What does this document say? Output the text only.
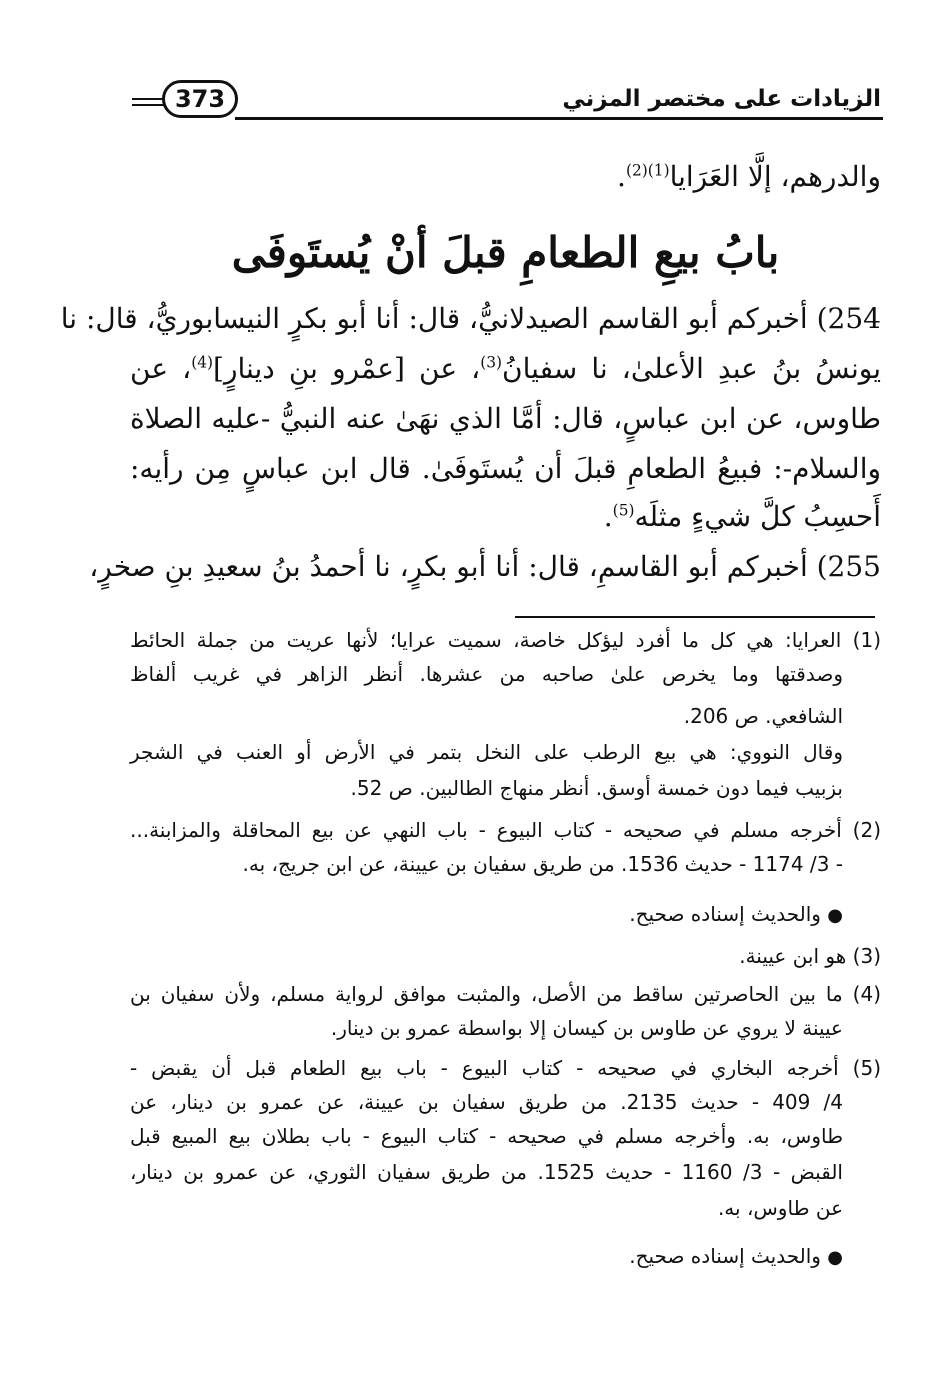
الزيادات على مختصر المزني
373
والدرهم، إلَّا العَرَايا$^{(1)(2)}$.
بابُ بيعِ الطعامِ قبلَ أنْ يُستَوفَى
254) أخبركم أبو القاسم الصيدلانيُّ، قال: أنا أبو بكرٍ النيسابوريُّ، قال: نا
يونسُ بنُ عبدِ الأعلىٰ، نا سفيانُ$^{(3)}$، عن [عمْرو بنِ دينارٍ]$^{(4)}$، عن
طاوس، عن ابن عباسٍ، قال: أمَّا الذي نهَىٰ عنه النبيُّ -عليه الصلاة
والسلام-: فبيعُ الطعامِ قبلَ أن يُستَوفَىٰ. قال ابن عباسٍ مِن رأيه:
أَحسِبُ كلَّ شيءٍ مثلَه$^{(5)}$.
255) أخبركم أبو القاسمِ، قال: أنا أبو بكرٍ، نا أحمدُ بنُ سعيدِ بنِ صخرٍ،
(1) العرايا: هي كل ما أفرد ليؤكل خاصة، سميت عرايا؛ لأنها عريت من جملة الحائط
وصدقتها وما يخرص علىٰ صاحبه من عشرها. أنظر الزاهر في غريب ألفاظ
الشافعي. ص 206.
وقال النووي: هي بيع الرطب على النخل بتمر في الأرض أو العنب في الشجر
بزبيب فيما دون خمسة أوسق. أنظر منهاج الطالبين. ص 52.
(2) أخرجه مسلم في صحيحه - كتاب البيوع - باب النهي عن بيع المحاقلة والمزابنة...
- 3/ 1174 - حديث 1536. من طريق سفيان بن عيينة، عن ابن جريج، به.
● والحديث إسناده صحيح.
(3) هو ابن عيينة.
(4) ما بين الحاصرتين ساقط من الأصل، والمثبت موافق لرواية مسلم، ولأن سفيان بن
عيينة لا يروي عن طاوس بن كيسان إلا بواسطة عمرو بن دينار.
(5) أخرجه البخاري في صحيحه - كتاب البيوع - باب بيع الطعام قبل أن يقبض -
4/ 409 - حديث 2135. من طريق سفيان بن عيينة، عن عمرو بن دينار، عن
طاوس، به. وأخرجه مسلم في صحيحه - كتاب البيوع - باب بطلان بيع المبيع قبل
القبض - 3/ 1160 - حديث 1525. من طريق سفيان الثوري، عن عمرو بن دينار،
عن طاوس، به.
● والحديث إسناده صحيح.
